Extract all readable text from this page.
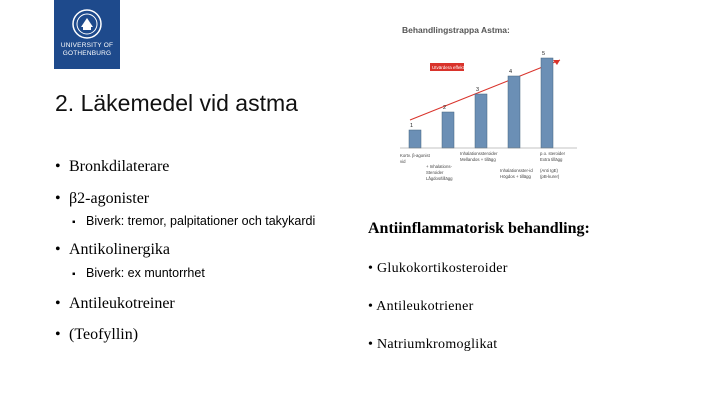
UNIVERSITY OF
GOTHENBURG
2. Läkemedel vid astma
• Bronkdilaterare
• β2-agonister
▪ Biverk: tremor, palpitationer och takykardi
• Antikolinergika
▪ Biverk: ex muntorrhet
• Antileukotreiner
• (Teofyllin)
Antiinflammatorisk behandling:
• Glukokortikosteroider
• Antileukotriener
• Natriumkromoglikat
Behandlingstrappa Astma:
Utvärdera effekt
1
2
3
4
5
Kortv. β-agonist
vid
Inhalationssteroider
Mellandos + tillägg
+ Inhalations-
Steroider
Lågdos/tillägg
Inhalationsster-id
Högdos + tillägg
p.o. steroider
Extra tillägg
(Anti IgE)
(pB-kurer)
